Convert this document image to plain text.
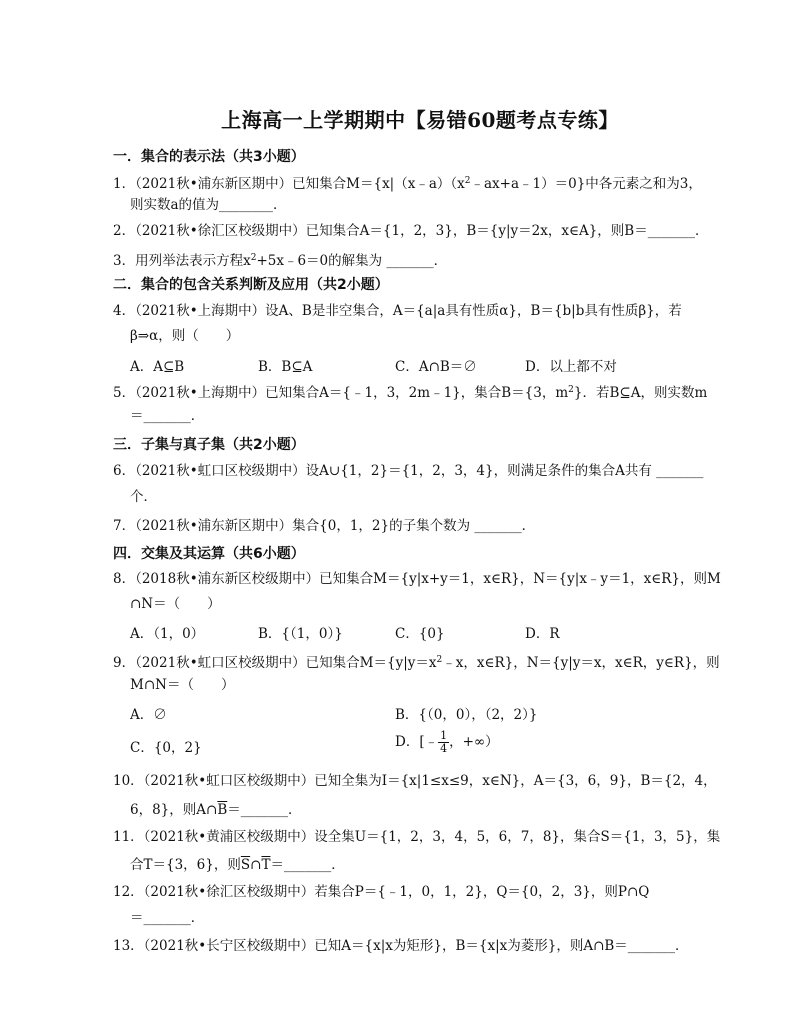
上海高一上学期期中【易错60题考点专练】
一．集合的表示法（共3小题）
1．（2021秋•浦东新区期中）已知集合$M=\{x|(x﹣a)(x^2﹣ax+a﹣1)=0\}$中各元素之和为3，
则实数a的值为________．
2．（2021秋•徐汇区校级期中）已知集合A＝{1，2，3}，B＝{y|y＝2x，x∈A}，则B＝_______．
3．用列举法表示方程$x^2+5x﹣6=0$的解集为 _______．
二．集合的包含关系判断及应用（共2小题）
4．（2021秋•上海期中）设A、B是非空集合，A＝{a|a具有性质α}，B＝{b|b具有性质β}，若
β⇒α，则（　　）
A．A⊆B	B．B⊆A	C．A∩B＝∅	D．以上都不对
5．（2021秋•上海期中）已知集合A＝{﹣1，3，2m﹣1}，集合B＝{3，$m^2$}．若B⊆A，则实数m
＝_______．
三．子集与真子集（共2小题）
6．（2021秋•虹口区校级期中）设A∪{1，2}＝{1，2，3，4}，则满足条件的集合A共有 _______
个．
7．（2021秋•浦东新区期中）集合{0，1，2}的子集个数为 _______．
四．交集及其运算（共6小题）
8．（2018秋•浦东新区校级期中）已知集合M＝{y|x+y＝1，x∈R}，N＝{y|x﹣y＝1，x∈R}，则M
∩N＝（　　）
A．（1，0）	B．{（1，0）}	C．{0}	D．R
9．（2021秋•虹口区校级期中）已知集合$M=\{y|y=x^2﹣x$，x∈R}，N＝{y|y＝x，x∈R，y∈R}，则
M∩N＝（　　）
A．∅	B．{（0，0），（2，2）}
C．{0，2}	D．[﹣ $\frac{1}{4}$ ，+∞）
10．（2021秋•虹口区校级期中）已知全集为I＝{x|1≤x≤9，x∈N}，A＝{3，6，9}，B＝{2，4，
6，8}，则$A\cap\overline{B}=\_\_\_\_\_\_\_$．
11．（2021秋•黄浦区校级期中）设全集U＝{1，2，3，4，5，6，7，8}，集合S＝{1，3，5}，集
合T＝{3，6}，则$\overline{S}\cap\overline{T}=\_\_\_\_\_\_\_$．
12．（2021秋•徐汇区校级期中）若集合P＝{﹣1，0，1，2}，Q＝{0，2，3}，则P∩Q
＝_______．
13．（2021秋•长宁区校级期中）已知A＝{x|x为矩形}，B＝{x|x为菱形}，则A∩B＝_______．
